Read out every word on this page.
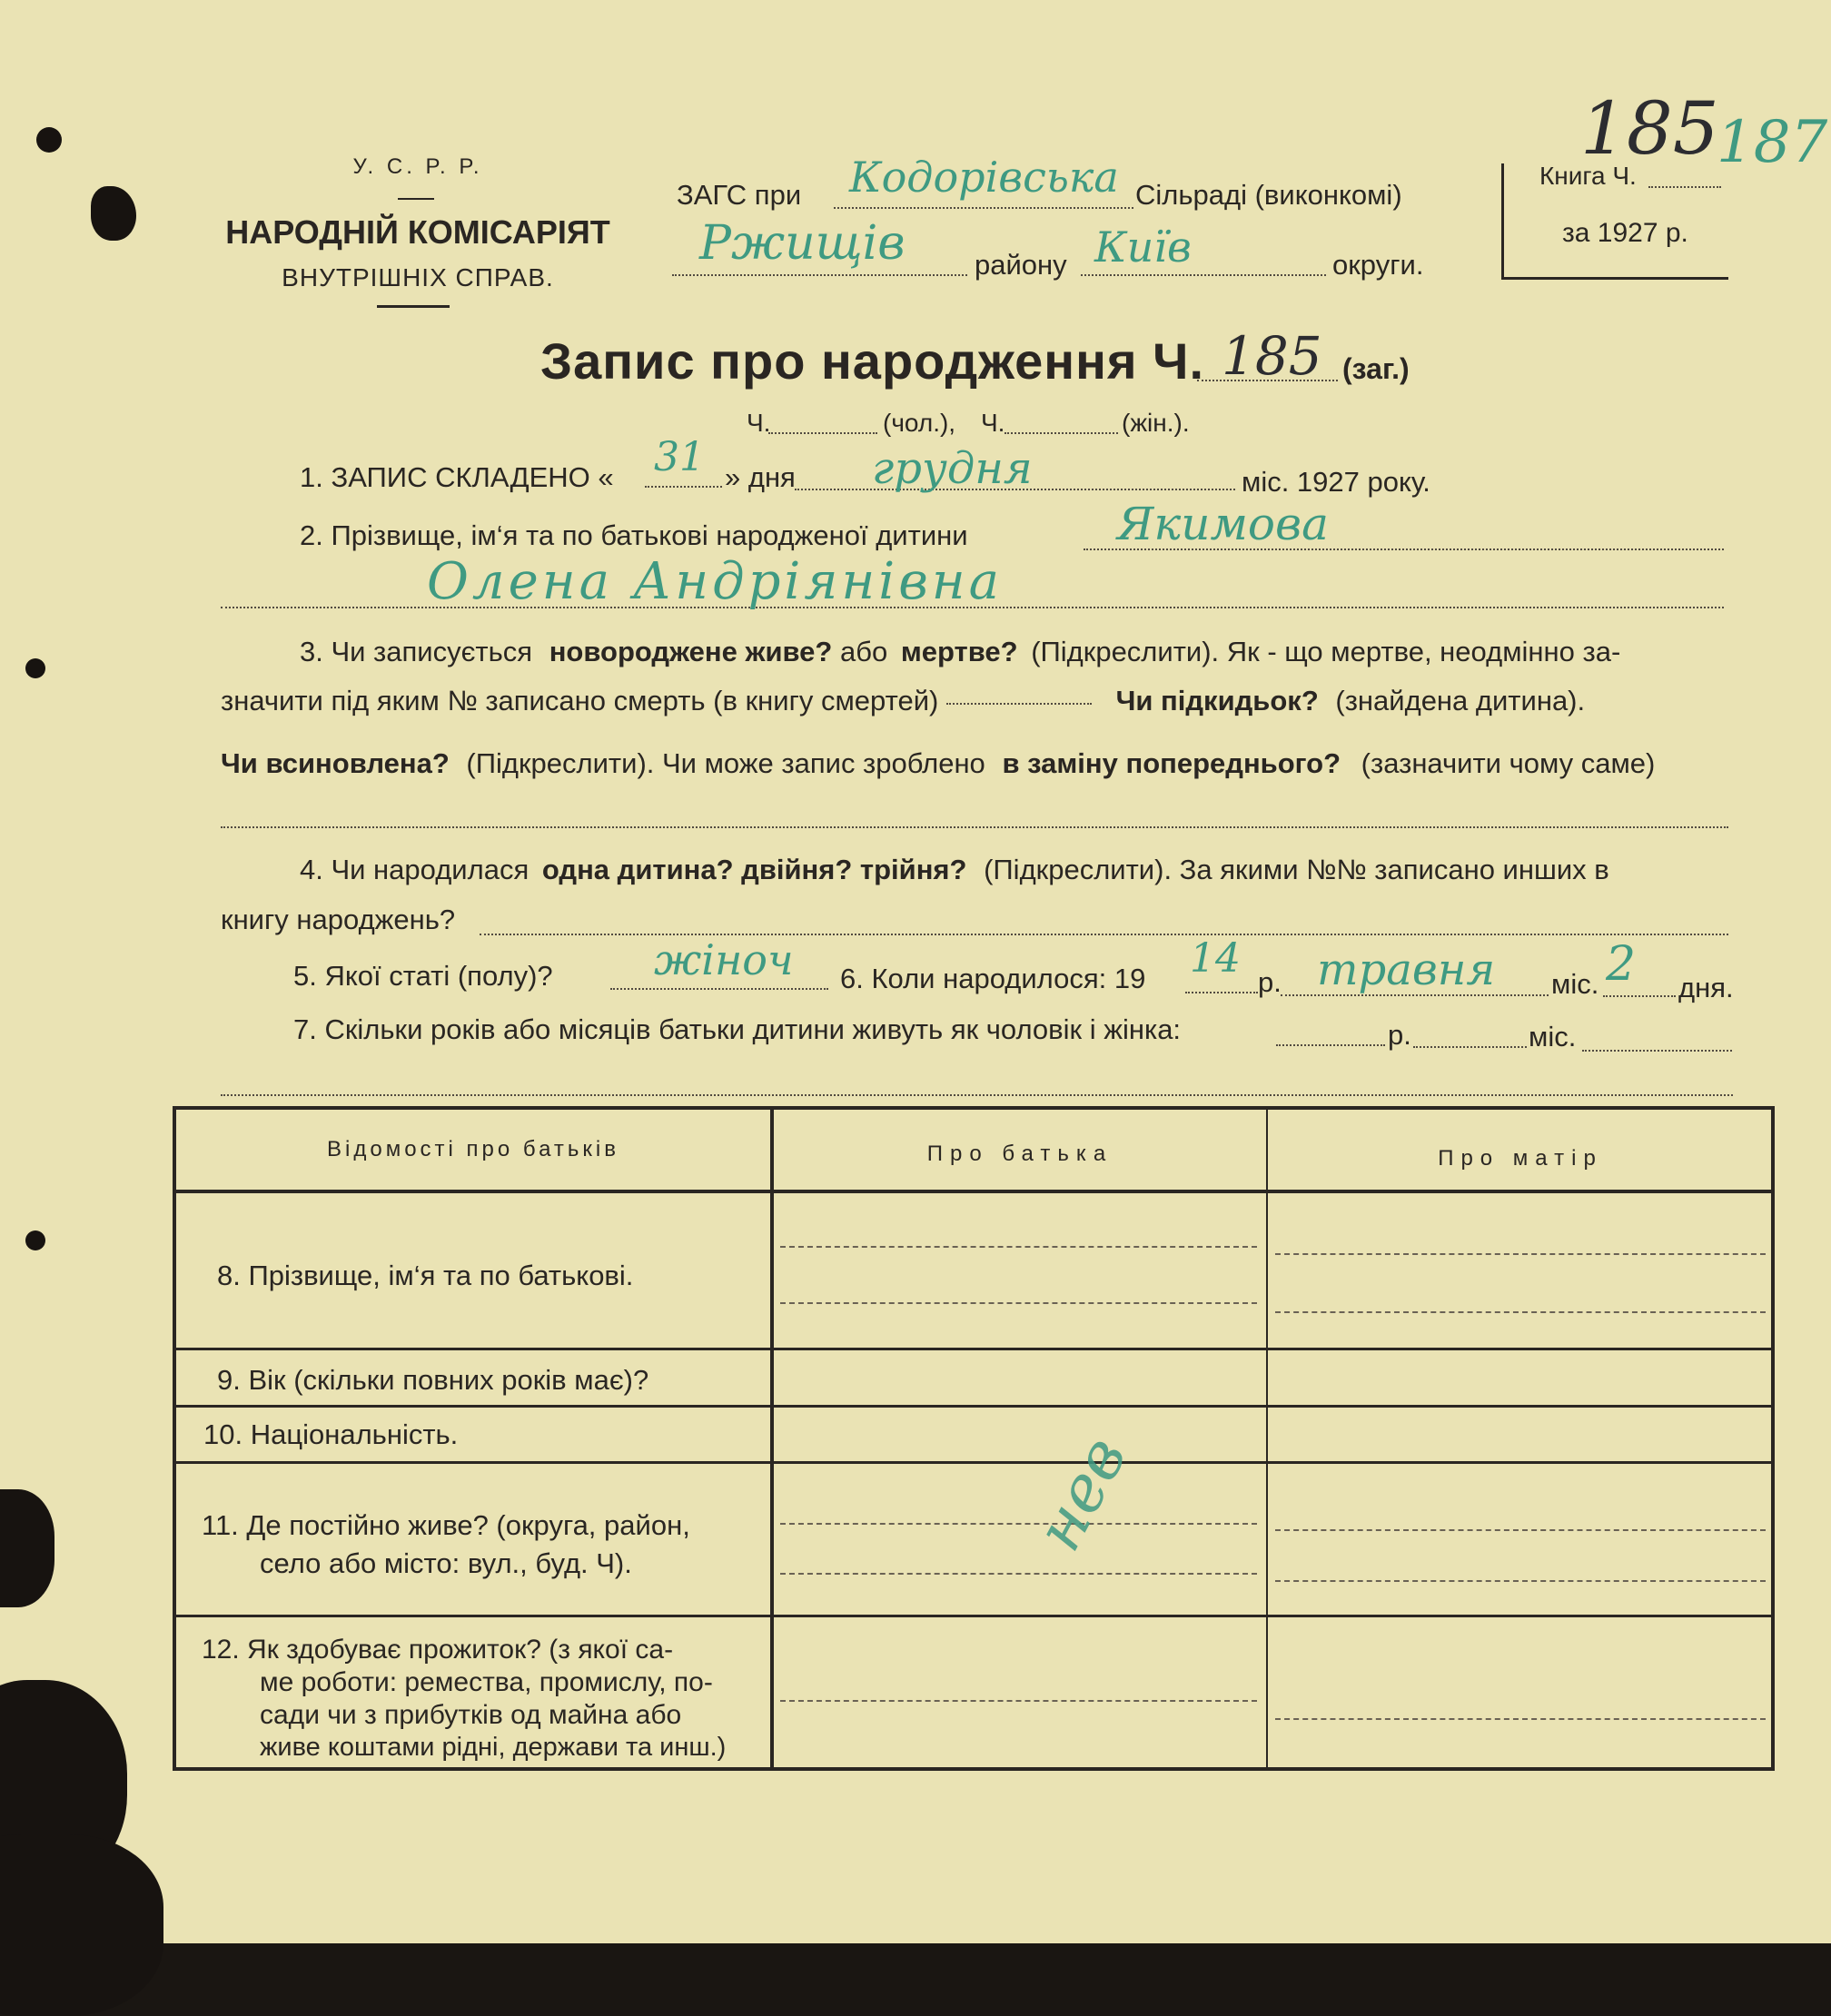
У. С. Р. Р.
НАРОДНІЙ КОМІСАРІЯТ
ВНУТРІШНІХ СПРАВ.
ЗАГС при Кодорівська Сільраді (виконкомі)
Ржищів району Київ	округи.
Книга Ч.
за 1927 р.
185
187
Запис про народження Ч. 185 (заг.)
Ч.	(чол.), Ч.	(жін.).
1. ЗАПИС СКЛАДЕНО « 31 » дня грудня	міс. 1927 року.
2. Прізвище, ім‘я та по батькові народженої дитини	Якимова
Олена Андріянівна
3. Чи записується новороджене живе? або мертве? (Підкреслити). Як - що мертве, неодмінно за-
значити під яким № записано смерть (в книгу смертей)	Чи підкидьок? (знайдена дитина).
Чи всиновлена? (Підкреслити). Чи може запис зроблено в заміну попереднього? (зазначити чому саме)
4. Чи народилася одна дитина? двійня? трійня? (Підкреслити). За якими №№ записано инших в
книгу народжень?
5. Якої статі (полу)? жіноч 6. Коли народилося: 19 14
р. травня міс. 2 дня.
7. Скільки років або місяців батьки дитини живуть як чоловік і жінка:	р.	міс.
Відомості про батьків	Про батька	Про матір
8. Прізвище, ім‘я та по батькові.
9. Вік (скільки повних років має)?
10. Національність.
11. Де постійно живе? (округа, район,
село або місто: вул., буд. Ч).
12. Як здобуває прожиток? (з якої са-
ме роботи: ремества, промислу, по-
сади чи з прибутків од майна або
живе коштами рідні, держави та инш.)
нев
